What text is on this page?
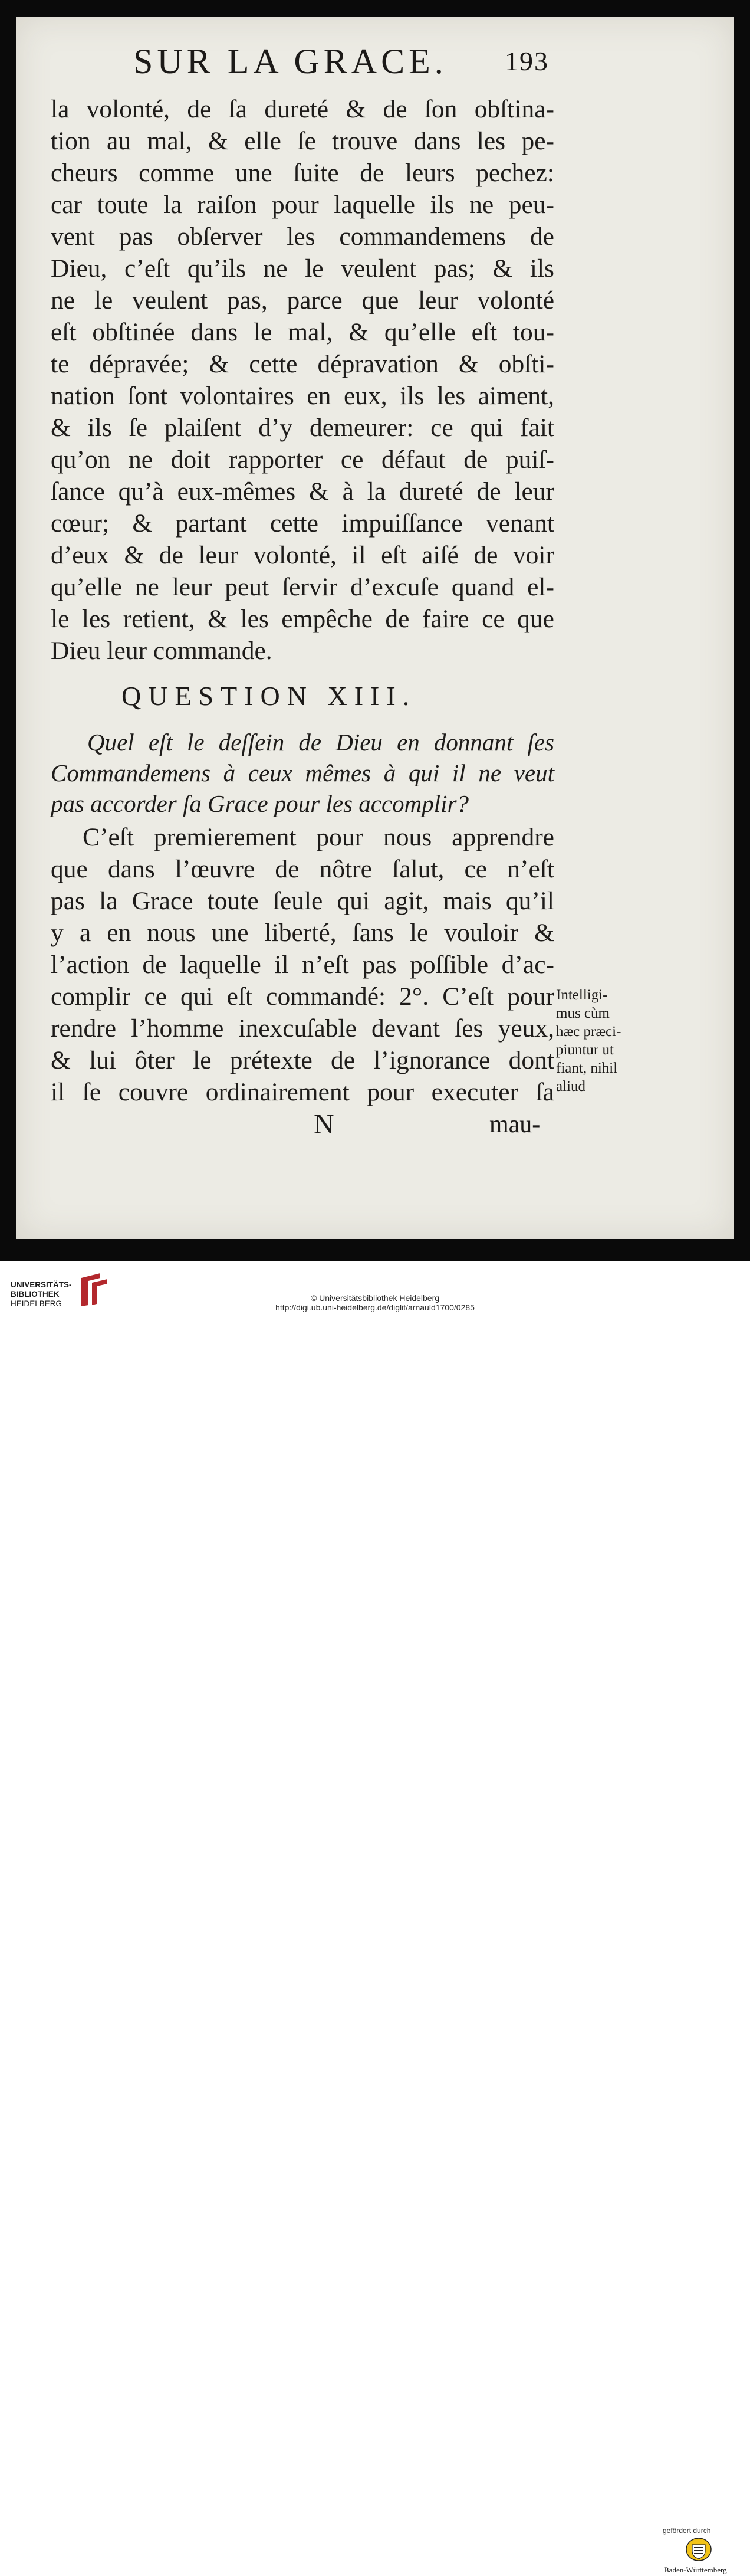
SUR LA GRACE. 193
la volonté, de ſa dureté & de ſon obſtina-
tion au mal, & elle ſe trouve dans les pe-
cheurs comme une ſuite de leurs pechez:
car toute la raiſon pour laquelle ils ne peu-
vent pas obſerver les commandemens de
Dieu, c’eſt qu’ils ne le veulent pas; & ils
ne le veulent pas, parce que leur volonté
eſt obſtinée dans le mal, & qu’elle eſt tou-
te dépravée; & cette dépravation & obſti-
nation ſont volontaires en eux, ils les aiment,
& ils ſe plaiſent d’y demeurer: ce qui fait
qu’on ne doit rapporter ce défaut de puiſ-
ſance qu’à eux-mêmes & à la dureté de leur
cœur; & partant cette impuiſſance venant
d’eux & de leur volonté, il eſt aiſé de voir
qu’elle ne leur peut ſervir d’excuſe quand el-
le les retient, & les empêche de faire ce que
Dieu leur commande.
QUESTION XIII.
Quel eſt le deſſein de Dieu en donnant ſes
Commandemens à ceux mêmes à qui il ne veut
pas accorder ſa Grace pour les accomplir?
C’eſt premierement pour nous apprendre
que dans l’œuvre de nôtre ſalut, ce n’eſt
pas la Grace toute ſeule qui agit, mais qu’il
y a en nous une liberté, ſans le vouloir &
l’action de laquelle il n’eſt pas poſſible d’ac-
complir ce qui eſt commandé: 2°. C’eſt pour
rendre l’homme inexcuſable devant ſes yeux,
& lui ôter le prétexte de l’ignorance dont
il ſe couvre ordinairement pour executer ſa
Intelligi-
mus cùm
hæc præci-
piuntur ut
fiant, nihil
aliud
N	mau-
UNIVERSITÄTS-
BIBLIOTHEK
HEIDELBERG
gefördert durch
Baden-Württemberg
© Universitätsbibliothek Heidelberg
http://digi.ub.uni-heidelberg.de/diglit/arnauld1700/0285
